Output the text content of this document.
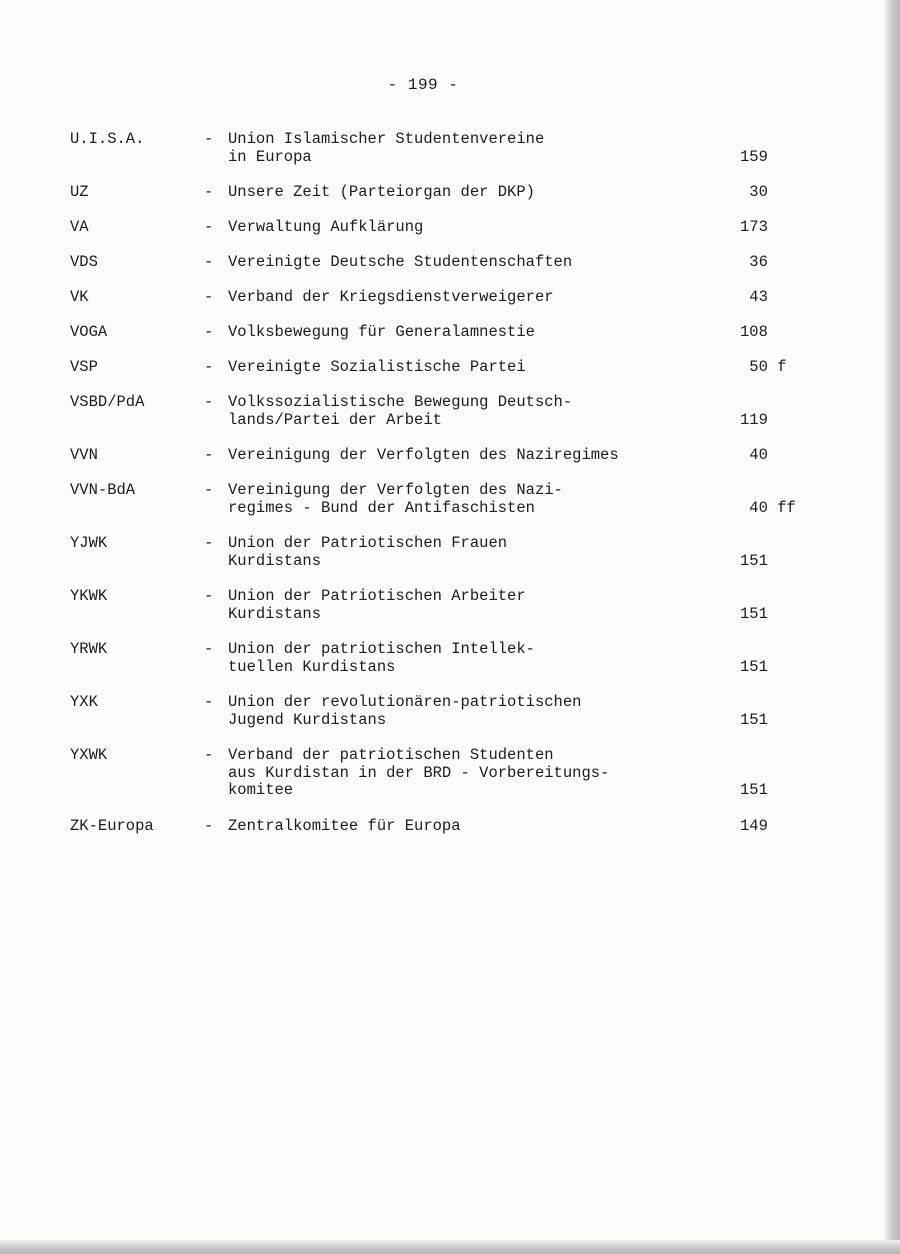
- 199 -
U.I.S.A.	- Union Islamischer Studentenvereine
in Europa	159
UZ	- Unsere Zeit (Parteiorgan der DKP)	30
VA	- Verwaltung Aufklärung	173
VDS	- Vereinigte Deutsche Studentenschaften	36
VK	- Verband der Kriegsdienstverweigerer	43
VOGA	- Volksbewegung für Generalamnestie	108
VSP	- Vereinigte Sozialistische Partei	50 f
VSBD/PdA	- Volkssozialistische Bewegung Deutsch-
lands/Partei der Arbeit	119
VVN	- Vereinigung der Verfolgten des Naziregimes	40
VVN-BdA	- Vereinigung der Verfolgten des Nazi-
regimes - Bund der Antifaschisten	40 ff
YJWK	- Union der Patriotischen Frauen
Kurdistans	151
YKWK	- Union der Patriotischen Arbeiter
Kurdistans	151
YRWK	- Union der patriotischen Intellek-
tuellen Kurdistans	151
YXK	- Union der revolutionären-patriotischen
Jugend Kurdistans	151
YXWK	- Verband der patriotischen Studenten
aus Kurdistan in der BRD - Vorbereitungs-
komitee	151
ZK-Europa	- Zentralkomitee für Europa	149
